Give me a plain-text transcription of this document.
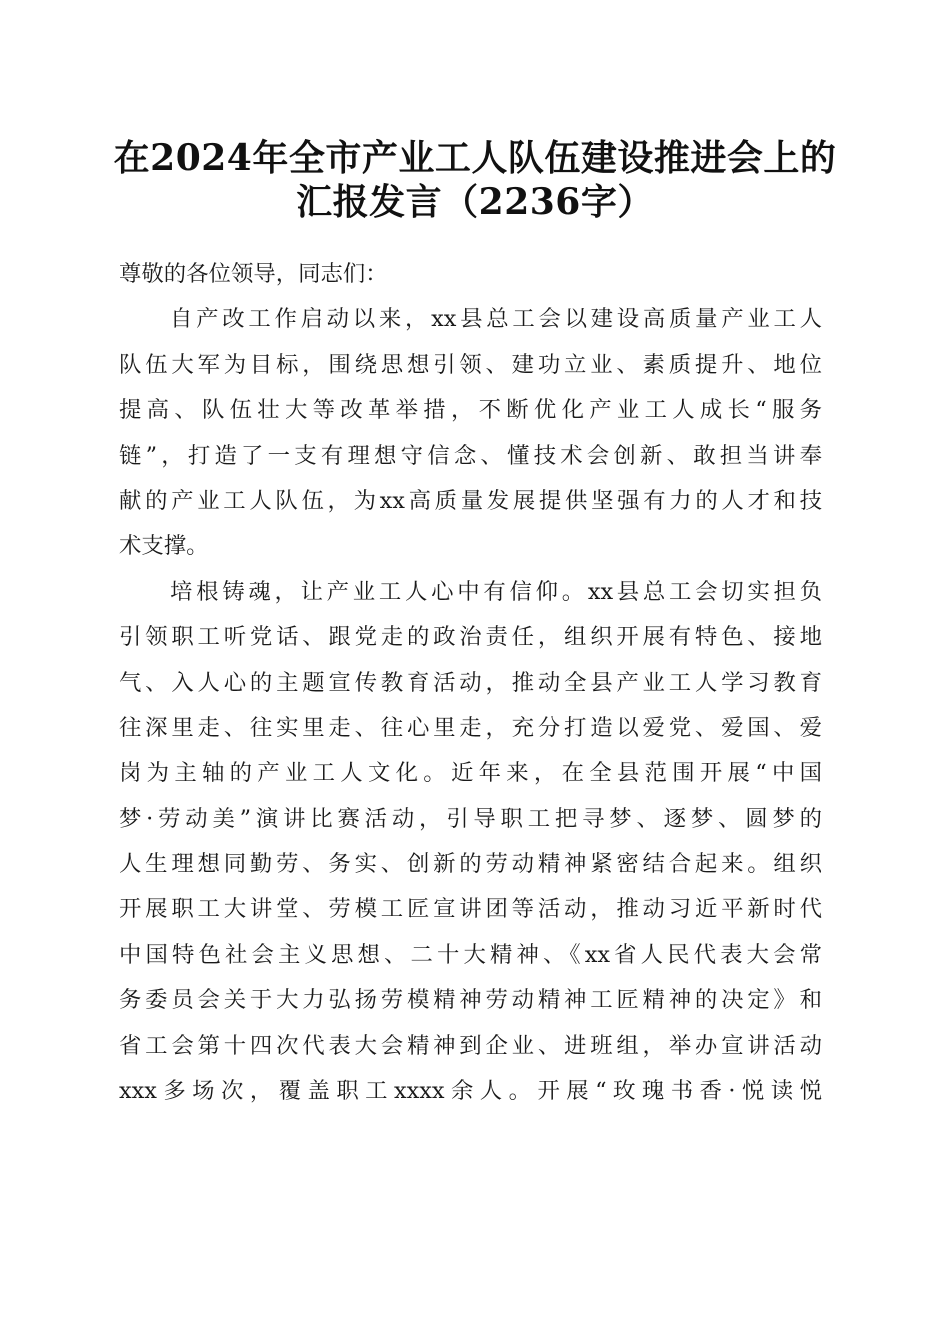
在2024年全市产业工人队伍建设推进会上的
汇报发言（2236字）
尊敬的各位领导，同志们：
自产改工作启动以来，xx县总工会以建设高质量产业工人
队伍大军为目标，围绕思想引领、建功立业、素质提升、地位
提高、队伍壮大等改革举措，不断优化产业工人成长“服务
链”，打造了一支有理想守信念、懂技术会创新、敢担当讲奉
献的产业工人队伍，为xx高质量发展提供坚强有力的人才和技
术支撑。
培根铸魂，让产业工人心中有信仰。xx县总工会切实担负
引领职工听党话、跟党走的政治责任，组织开展有特色、接地
气、入人心的主题宣传教育活动，推动全县产业工人学习教育
往深里走、往实里走、往心里走，充分打造以爱党、爱国、爱
岗为主轴的产业工人文化。近年来，在全县范围开展“中国
梦·劳动美”演讲比赛活动，引导职工把寻梦、逐梦、圆梦的
人生理想同勤劳、务实、创新的劳动精神紧密结合起来。组织
开展职工大讲堂、劳模工匠宣讲团等活动，推动习近平新时代
中国特色社会主义思想、二十大精神、《xx省人民代表大会常
务委员会关于大力弘扬劳模精神劳动精神工匠精神的决定》和
省工会第十四次代表大会精神到企业、进班组，举办宣讲活动
xxx多场次，覆盖职工xxxx余人。开展“玫瑰书香·悦读悦
